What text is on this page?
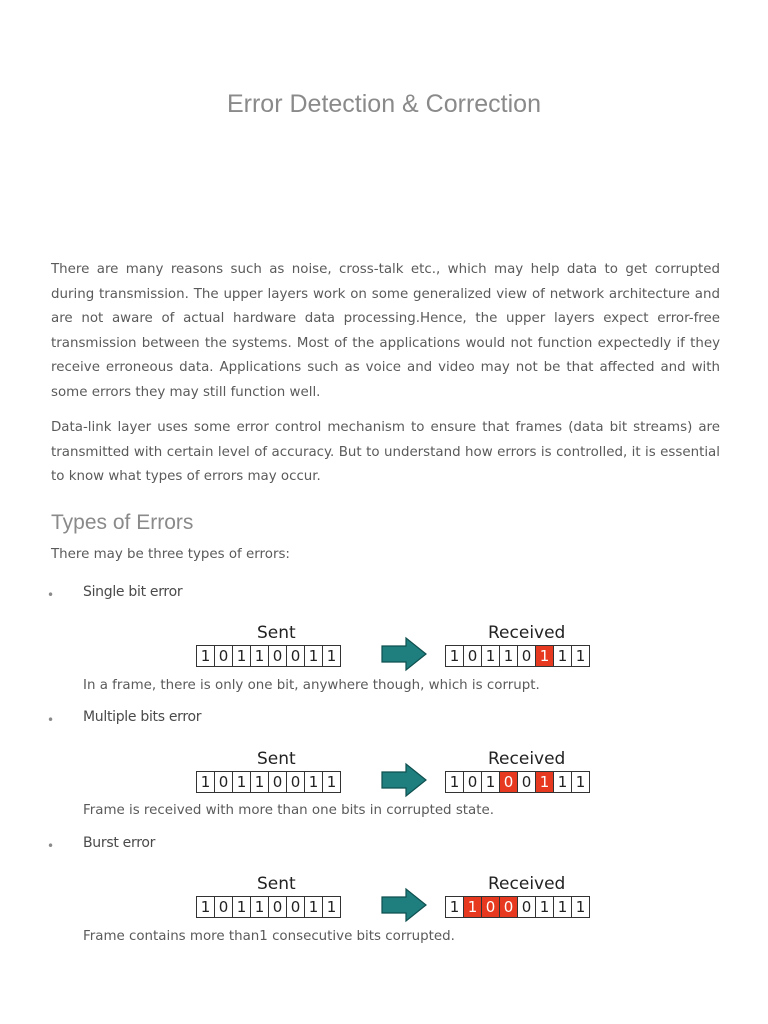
Error Detection & Correction

There are many reasons such as noise, cross-talk etc., which may help data to get corrupted during transmission. The upper layers work on some generalized view of network architecture and are not aware of actual hardware data processing.Hence, the upper layers expect error-free transmission between the systems. Most of the applications would not function expectedly if they receive erroneous data. Applications such as voice and video may not be that affected and with some errors they may still function well.

Data-link layer uses some error control mechanism to ensure that frames (data bit streams) are transmitted with certain level of accuracy. But to understand how errors is controlled, it is essential to know what types of errors may occur.

Types of Errors

There may be three types of errors:

• Single bit error
Sent	Received
1 0 1 1 0 0 1 1	1 0 1 1 0 1 1 1
In a frame, there is only one bit, anywhere though, which is corrupt.
• Multiple bits error
Sent	Received
1 0 1 1 0 0 1 1	1 0 1 0 0 1 1 1
Frame is received with more than one bits in corrupted state.
• Burst error
Sent	Received
1 0 1 1 0 0 1 1	1 1 0 0 0 1 1 1
Frame contains more than1 consecutive bits corrupted.
